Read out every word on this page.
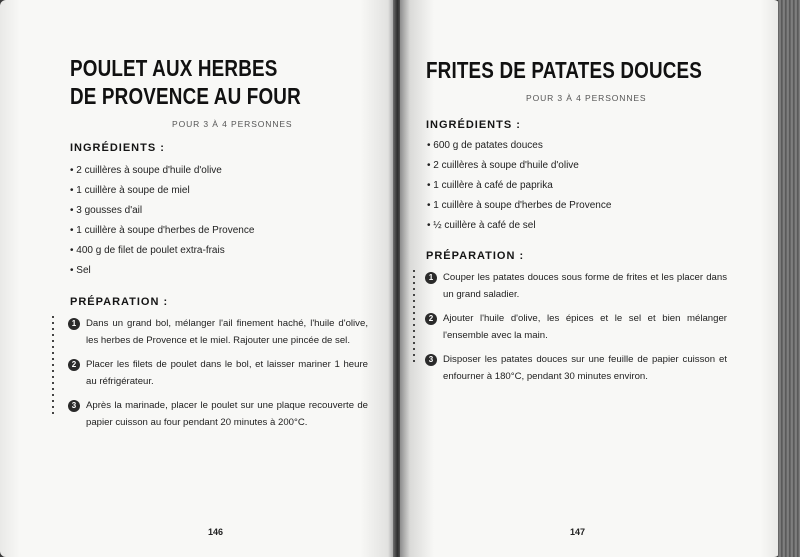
POULET AUX HERBES
DE PROVENCE AU FOUR
POUR 3 À 4 PERSONNES
INGRÉDIENTS :
• 2 cuillères à soupe d'huile d'olive
• 1 cuillère à soupe de miel
• 3 gousses d'ail
• 1 cuillère à soupe d'herbes de Provence
• 400 g de filet de poulet extra-frais
• Sel
PRÉPARATION :
1	Dans un grand bol, mélanger l'ail finement haché, l'huile d'olive, les herbes de Provence et le miel. Rajouter une pincée de sel.
2	Placer les filets de poulet dans le bol, et laisser mariner 1 heure au réfrigérateur.
3	Après la marinade, placer le poulet sur une plaque recouverte de papier cuisson au four pendant 20 minutes à 200°C.
146
FRITES DE PATATES DOUCES
POUR 3 À 4 PERSONNES
INGRÉDIENTS :
• 600 g de patates douces
• 2 cuillères à soupe d'huile d'olive
• 1 cuillère à café de paprika
• 1 cuillère à soupe d'herbes de Provence
• ½ cuillère à café de sel
PRÉPARATION :
1	Couper les patates douces sous forme de frites et les placer dans un grand saladier.
2	Ajouter l'huile d'olive, les épices et le sel et bien mélanger l'ensemble avec la main.
3	Disposer les patates douces sur une feuille de papier cuisson et enfourner à 180°C, pendant 30 minutes environ.
147
